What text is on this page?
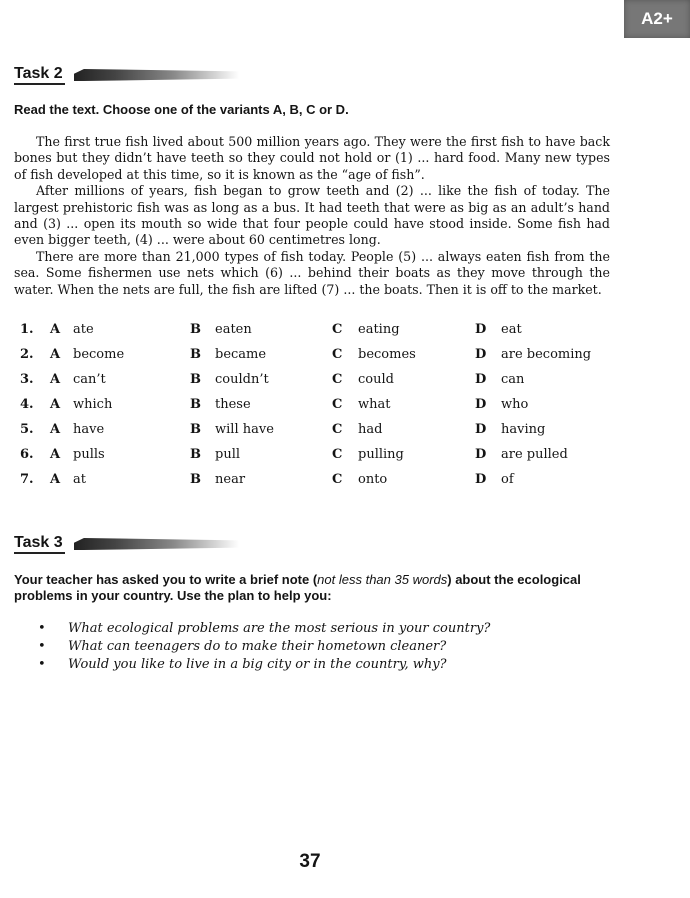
A2+
Task 2
Read the text. Choose one of the variants A, B, C or D.

The first true fish lived about 500 million years ago. They were the first fish to have back bones but they didn’t have teeth so they could not hold or (1) ... hard food. Many new types of fish developed at this time, so it is known as the “age of fish”.

After millions of years, fish began to grow teeth and (2) ... like the fish of today. The largest prehistoric fish was as long as a bus. It had teeth that were as big as an adult’s hand and (3) ... open its mouth so wide that four people could have stood inside. Some fish had even bigger teeth, (4) ... were about 60 centimetres long.

There are more than 21,000 types of fish today. People (5) ... always eaten fish from the sea. Some fishermen use nets which (6) ... behind their boats as they move through the water. When the nets are full, the fish are lifted (7) ... the boats. Then it is off to the market.

1. A ate	B eaten	C eating	D eat
2. A become	B became	C becomes	D are becoming
3. A can’t	B couldn’t	C could	D can
4. A which	B these	C what	D who
5. A have	B will have	C had	D having
6. A pulls	B pull	C pulling	D are pulled
7. A at	B near	C onto	D of
Task 3
Your teacher has asked you to write a brief note (not less than 35 words) about the ecological problems in your country. Use the plan to help you:
• What ecological problems are the most serious in your country?
• What can teenagers do to make their hometown cleaner?
• Would you like to live in a big city or in the country, why?
37
